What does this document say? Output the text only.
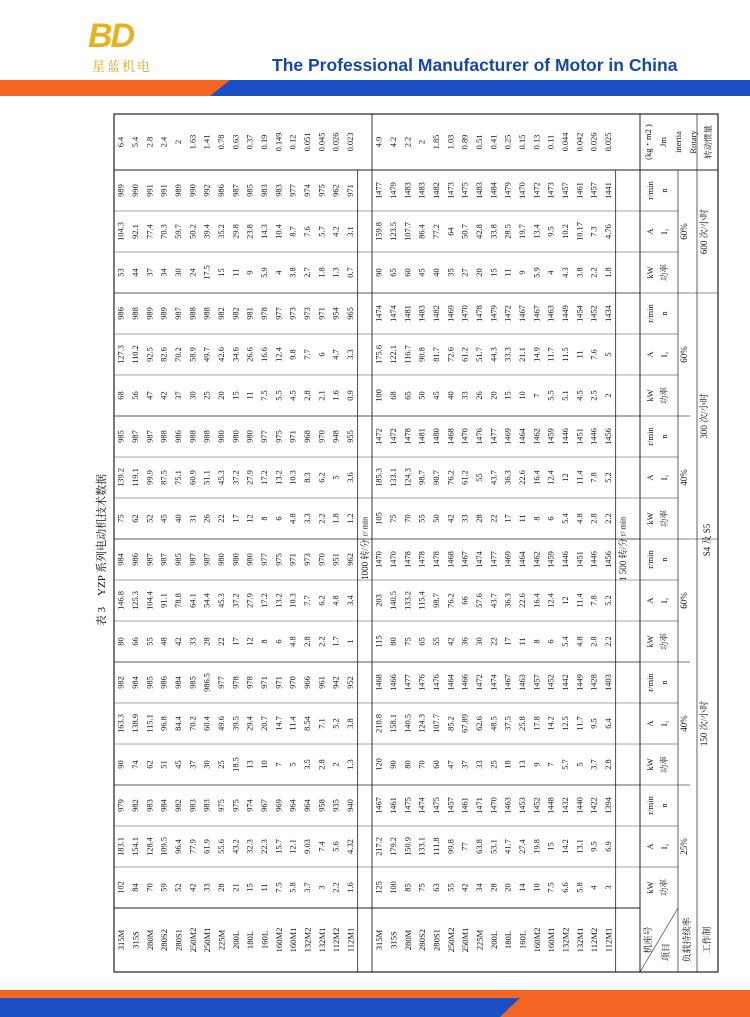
BD
星蓝机电	The Professional Manufacturer of Motor in China
表 3　YZP 系列电动机技术数据
工作制
负载持续率
项目
机座号
S4 及 S5
150 次/小时
300 次/小时
600 次/小时
25%
40%
60%
40%
60%
60%
功率
kW
I₁
A
n
r/min
功率
kW
I₁
A
n
r/min
功率
kW
I₁
A
n
r/min
功率
kW
I₁
A
n
r/min
功率
kW
I₁
A
n
r/min
功率
kW
I₁
A
n
r/min
转动惯量
Rotary
inertia
Jm
(kg・m2 )
1 500 转/分
r/ min
112M1
3
6.9
1394
2.8
6.4
1403
2.2
5.2
1456
2.2
5.2
1456
2
5
1434
1.8
4.76
1441
0.025
112M2
4
9.5
1422
3.7
9.5
1428
2.8
7.8
1446
2.8
7.8
1446
2.5
7.6
1452
2.2
7.3
1457
0.026
132M1
5.8
13.1
1440
5
11.7
1449
4.8
11.4
1451
4.8
11.4
1451
4.5
11
1454
3.8
10.17
1461
0.042
132M2
6.6
14.2
1432
5.7
12.5
1442
5.4
12
1446
5.4
12
1446
5.1
11.5
1449
4.3
10.2
1457
0.044
160M1
7.5
15
1448
7
14.2
1452
6
12.4
1459
6
12.4
1459
5.5
11.7
1463
4
9.5
1473
0.11
160M2
10
19.8
1452
9
17.8
1457
8
16.4
1462
8
16.4
1462
7
14.9
1467
5.9
13.4
1472
0.13
160L
14
27.4
1453
13
25.8
1463
11
22.6
1464
11
22.6
1464
10
21.1
1467
9
19.7
1470
0.15
180L
20
41.7
1463
18
37.5
1467
17
36.3
1469
17
36.3
1469
15
33.3
1472
11
28.5
1479
0.25
200L
28
53.1
1470
25
48.5
1474
22
43.7
1477
22
43.7
1477
20
44.3
1479
15
33.8
1484
0.41
225M
34
63.8
1471
33
62.6
1472
30
57.6
1474
28
55
1476
26
51.7
1478
20
42.8
1483
0.51
250M1
42
77
1461
37
67.89
1466
36
66
1467
33
61.2
1470
33
61.2
1470
27
50.7
1475
0.89
250M2
55
99.8
1457
47
85.2
1464
42
76.2
1468
42
76.2
1468
40
72.6
1469
35
64
1473
1.03
280S1
63
111.8
1475
60
107.7
1476
55
98.7
1478
50
90.7
1480
45
81.7
1482
40
77.2
1482
1.85
280S2
75
133.1
1474
70
124.3
1476
65
115.4
1478
55
98.7
1481
50
90.8
1483
45
86.4
1483
2
280M
85
150.9
1475
80
140.5
1477
75
133.2
1478
70
124.3
1478
65
116.7
1481
60
107.7
1483
2.2
315S
100
179.2
1461
90
158.1
1466
80
140.5
1470
75
133.1
1472
68
122.1
1474
65
123.5
1479
4.2
315M
125
217.2
1467
120
210.8
1468
115
203
1470
105
185.3
1472
100
175.6
1474
90
159.8
1477
4.9
1000 转/分
r/ min
112M1
1.6
4.32
940
1.3
3.8
952
1
3.4
962
1.2
3.6
955
0.9
3.3
965
0.7
3.1
971
0.023
112M2
2.2
5.6
935
2
5.2
942
1.7
4.8
951
1.8
5
948
1.6
4.7
954
1.3
4.2
962
0.026
132M1
3
7.4
958
2.8
7.1
961
2.2
6.2
970
2.2
6.2
970
2.1
6
971
1.8
5.7
975
0.045
132M2
3.7
9.03
964
3.5
8.54
966
2.8
7.7
973
3.3
8.3
968
2.8
7.7
973
2.7
7.6
974
0.051
160M1
5.8
12.1
964
5
11.4
970
4.8
10.3
971
4.8
10.3
971
4.5
9.8
973
3.8
8.7
977
0.12
160M2
7.5
15.7
969
7
14.7
971
6
13.2
975
6
13.2
975
5.5
12.4
977
4
10.4
983
0.149
160L
11
22.3
967
10
20.7
971
8
17.2
977
8
17.2
977
7.5
16.6
978
5.9
14.3
983
0.19
180L
15
32.3
974
13
29.4
978
12
27.9
980
12
27.9
980
11
26.6
981
9
23.8
985
0.37
200L
21
43.2
975
18.5
39.5
978
17
37.2
980
17
37.2
980
15
34.6
982
11
29.8
987
0.63
225M
28
55.6
975
25
49.6
977
22
45.3
980
22
45.3
980
20
42.6
982
15
35.2
986
0.78
250M1
33
61.9
983
30
60.4
986.5
28
54.4
987
26
51.1
988
25
49.7
988
17.5
39.4
992
1.41
250M2
42
77.9
983
37
70.2
985
33
64.1
987
31
60.9
988
30
58.9
988
24
50.2
990
1.63
280S1
52
96.4
982
45
84.4
984
42
78.8
985
40
75.1
986
37
70.2
987
30
59.7
989
2
280S2
59
109.5
984
51
96.8
986
48
91.1
987
45
87.5
988
42
82.6
989
34
70.3
991
2.4
280M
70
128.4
983
62
115.1
985
55
104.4
987
52
99.9
987
47
92.5
989
37
77.4
991
2.8
315S
84
154.1
982
74
138.9
984
66
125.3
986
62
119.1
987
56
110.2
988
44
92.1
990
5.4
315M
102
183.1
979
90
163.3
982
80
146.8
984
75
139.2
985
68
127.3
986
53
104.3
989
6.4
